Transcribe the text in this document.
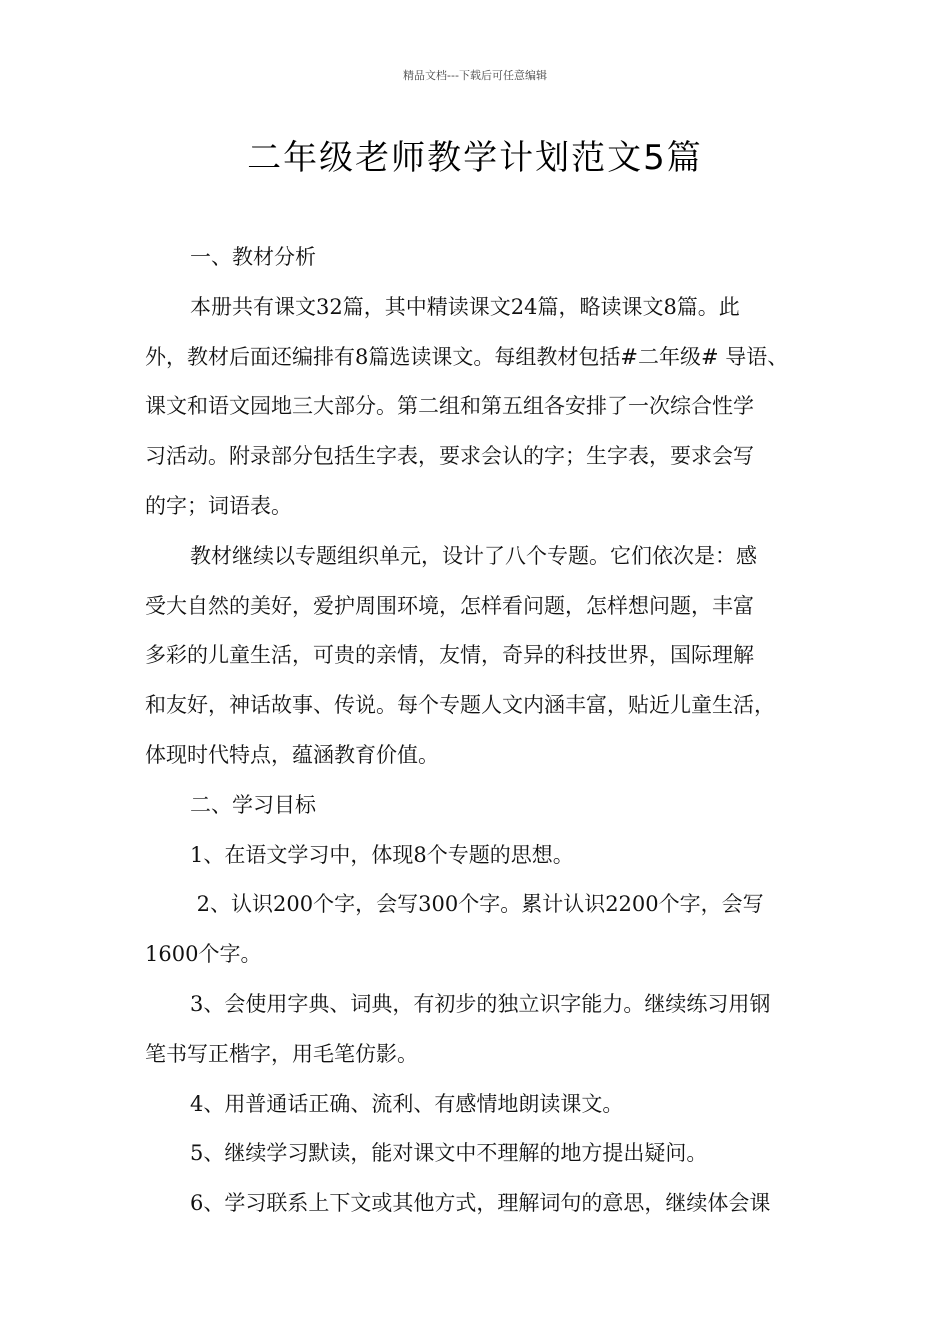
精品文档---下载后可任意编辑
二年级老师教学计划范文5篇
一、教材分析
本册共有课文32篇，其中精读课文24篇，略读课文8篇。此
外，教材后面还编排有8篇选读课文。每组教材包括#二年级# 导语、
课文和语文园地三大部分。第二组和第五组各安排了一次综合性学
习活动。附录部分包括生字表，要求会认的字；生字表，要求会写
的字；词语表。
教材继续以专题组织单元，设计了八个专题。它们依次是：感
受大自然的美好，爱护周围环境，怎样看问题，怎样想问题，丰富
多彩的儿童生活，可贵的亲情，友情，奇异的科技世界，国际理解
和友好，神话故事、传说。每个专题人文内涵丰富，贴近儿童生活，
体现时代特点，蕴涵教育价值。
二、学习目标
1、在语文学习中，体现8个专题的思想。
2、认识200个字，会写300个字。累计认识2200个字，会写
1600个字。
3、会使用字典、词典，有初步的独立识字能力。继续练习用钢
笔书写正楷字，用毛笔仿影。
4、用普通话正确、流利、有感情地朗读课文。
5、继续学习默读，能对课文中不理解的地方提出疑问。
6、学习联系上下文或其他方式，理解词句的意思，继续体会课
